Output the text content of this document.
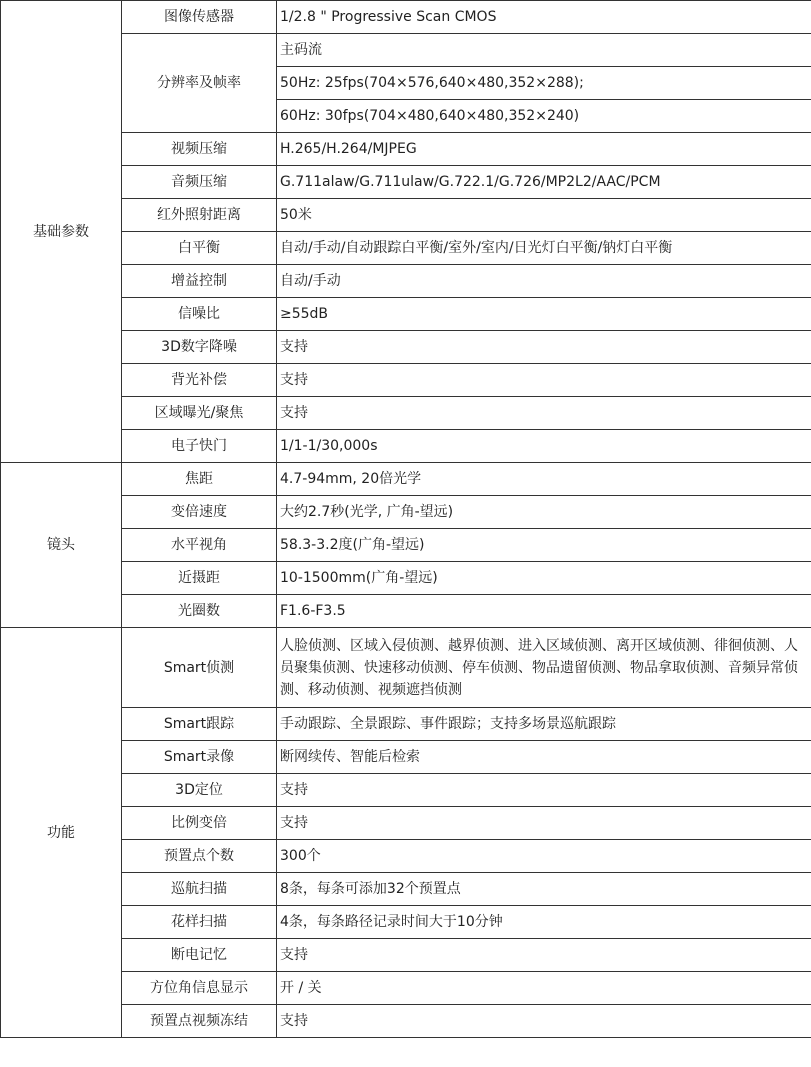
基础参数	图像传感器	1/2.8 " Progressive Scan CMOS
	分辨率及帧率	主码流
		50Hz: 25fps(704×576,640×480,352×288);
		60Hz: 30fps(704×480,640×480,352×240)
	视频压缩	H.265/H.264/MJPEG
	音频压缩	G.711alaw/G.711ulaw/G.722.1/G.726/MP2L2/AAC/PCM
	红外照射距离	50米
	白平衡	自动/手动/自动跟踪白平衡/室外/室内/日光灯白平衡/钠灯白平衡
	增益控制	自动/手动
	信噪比	≥55dB
	3D数字降噪	支持
	背光补偿	支持
	区域曝光/聚焦	支持
	电子快门	1/1-1/30,000s
镜头	焦距	4.7-94mm, 20倍光学
	变倍速度	大约2.7秒(光学, 广角-望远)
	水平视角	58.3-3.2度(广角-望远)
	近摄距	10-1500mm(广角-望远)
	光圈数	F1.6-F3.5
功能	Smart侦测	人脸侦测、区域入侵侦测、越界侦测、进入区域侦测、离开区域侦测、徘徊侦测、人员聚集侦测、快速移动侦测、停车侦测、物品遗留侦测、物品拿取侦测、音频异常侦测、移动侦测、视频遮挡侦测
	Smart跟踪	手动跟踪、全景跟踪、事件跟踪；支持多场景巡航跟踪
	Smart录像	断网续传、智能后检索
	3D定位	支持
	比例变倍	支持
	预置点个数	300个
	巡航扫描	8条，每条可添加32个预置点
	花样扫描	4条，每条路径记录时间大于10分钟
	断电记忆	支持
	方位角信息显示	开 / 关
	预置点视频冻结	支持
